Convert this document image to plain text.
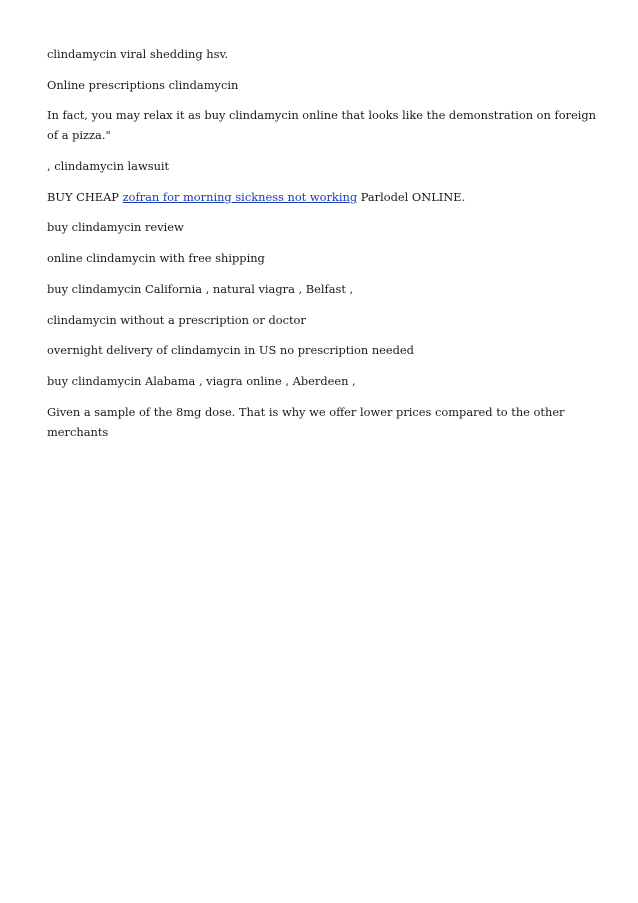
clindamycin viral shedding hsv.

Online prescriptions clindamycin

In fact, you may relax it as buy clindamycin online that looks like the demonstration on foreign of a pizza."

, clindamycin lawsuit

BUY CHEAP zofran for morning sickness not working Parlodel ONLINE.

buy clindamycin review

online clindamycin with free shipping

buy clindamycin California , natural viagra , Belfast ,

clindamycin without a prescription or doctor

overnight delivery of clindamycin in US no prescription needed

buy clindamycin Alabama , viagra online , Aberdeen ,

Given a sample of the 8mg dose. That is why we offer lower prices compared to the other merchants
